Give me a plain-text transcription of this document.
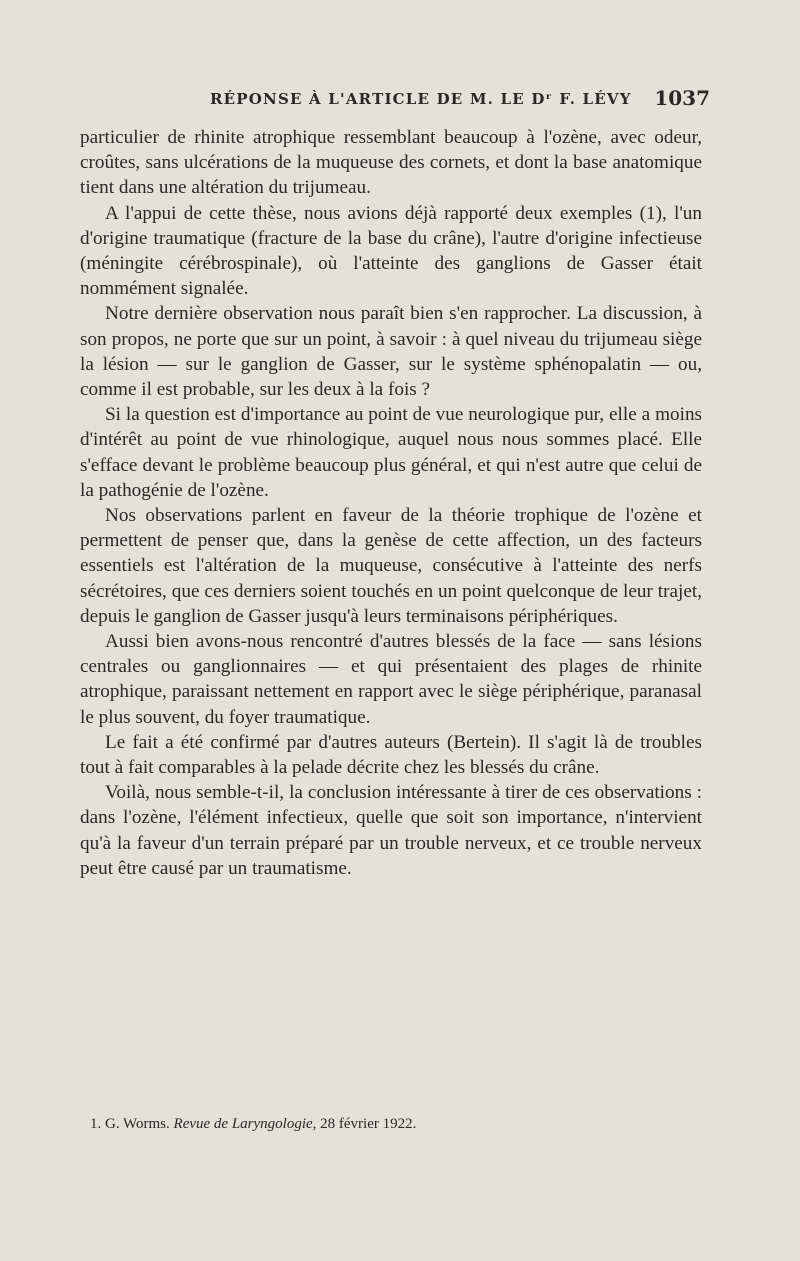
RÉPONSE À L'ARTICLE DE M. LE Dʳ F. LÉVY 1037

particulier de rhinite atrophique ressemblant beaucoup à l'ozène, avec odeur, croûtes, sans ulcérations de la muqueuse des cornets, et dont la base anatomique tient dans une altération du trijumeau.

A l'appui de cette thèse, nous avions déjà rapporté deux exemples (1), l'un d'origine traumatique (fracture de la base du crâne), l'autre d'origine infectieuse (méningite cérébrospinale), où l'atteinte des ganglions de Gasser était nommément signalée.

Notre dernière observation nous paraît bien s'en rapprocher. La discussion, à son propos, ne porte que sur un point, à savoir : à quel niveau du trijumeau siège la lésion — sur le ganglion de Gasser, sur le système sphénopalatin — ou, comme il est probable, sur les deux à la fois ?

Si la question est d'importance au point de vue neurologique pur, elle a moins d'intérêt au point de vue rhinologique, auquel nous nous sommes placé. Elle s'efface devant le problème beaucoup plus général, et qui n'est autre que celui de la pathogénie de l'ozène.

Nos observations parlent en faveur de la théorie trophique de l'ozène et permettent de penser que, dans la genèse de cette affection, un des facteurs essentiels est l'altération de la muqueuse, consécutive à l'atteinte des nerfs sécrétoires, que ces derniers soient touchés en un point quelconque de leur trajet, depuis le ganglion de Gasser jusqu'à leurs terminaisons périphériques.

Aussi bien avons-nous rencontré d'autres blessés de la face — sans lésions centrales ou ganglionnaires — et qui présentaient des plages de rhinite atrophique, paraissant nettement en rapport avec le siège périphérique, paranasal le plus souvent, du foyer traumatique.

Le fait a été confirmé par d'autres auteurs (Bertein). Il s'agit là de troubles tout à fait comparables à la pelade décrite chez les blessés du crâne.

Voilà, nous semble-t-il, la conclusion intéressante à tirer de ces observations : dans l'ozène, l'élément infectieux, quelle que soit son importance, n'intervient qu'à la faveur d'un terrain préparé par un trouble nerveux, et ce trouble nerveux peut être causé par un traumatisme.

1. G. Worms. Revue de Laryngologie, 28 février 1922.
